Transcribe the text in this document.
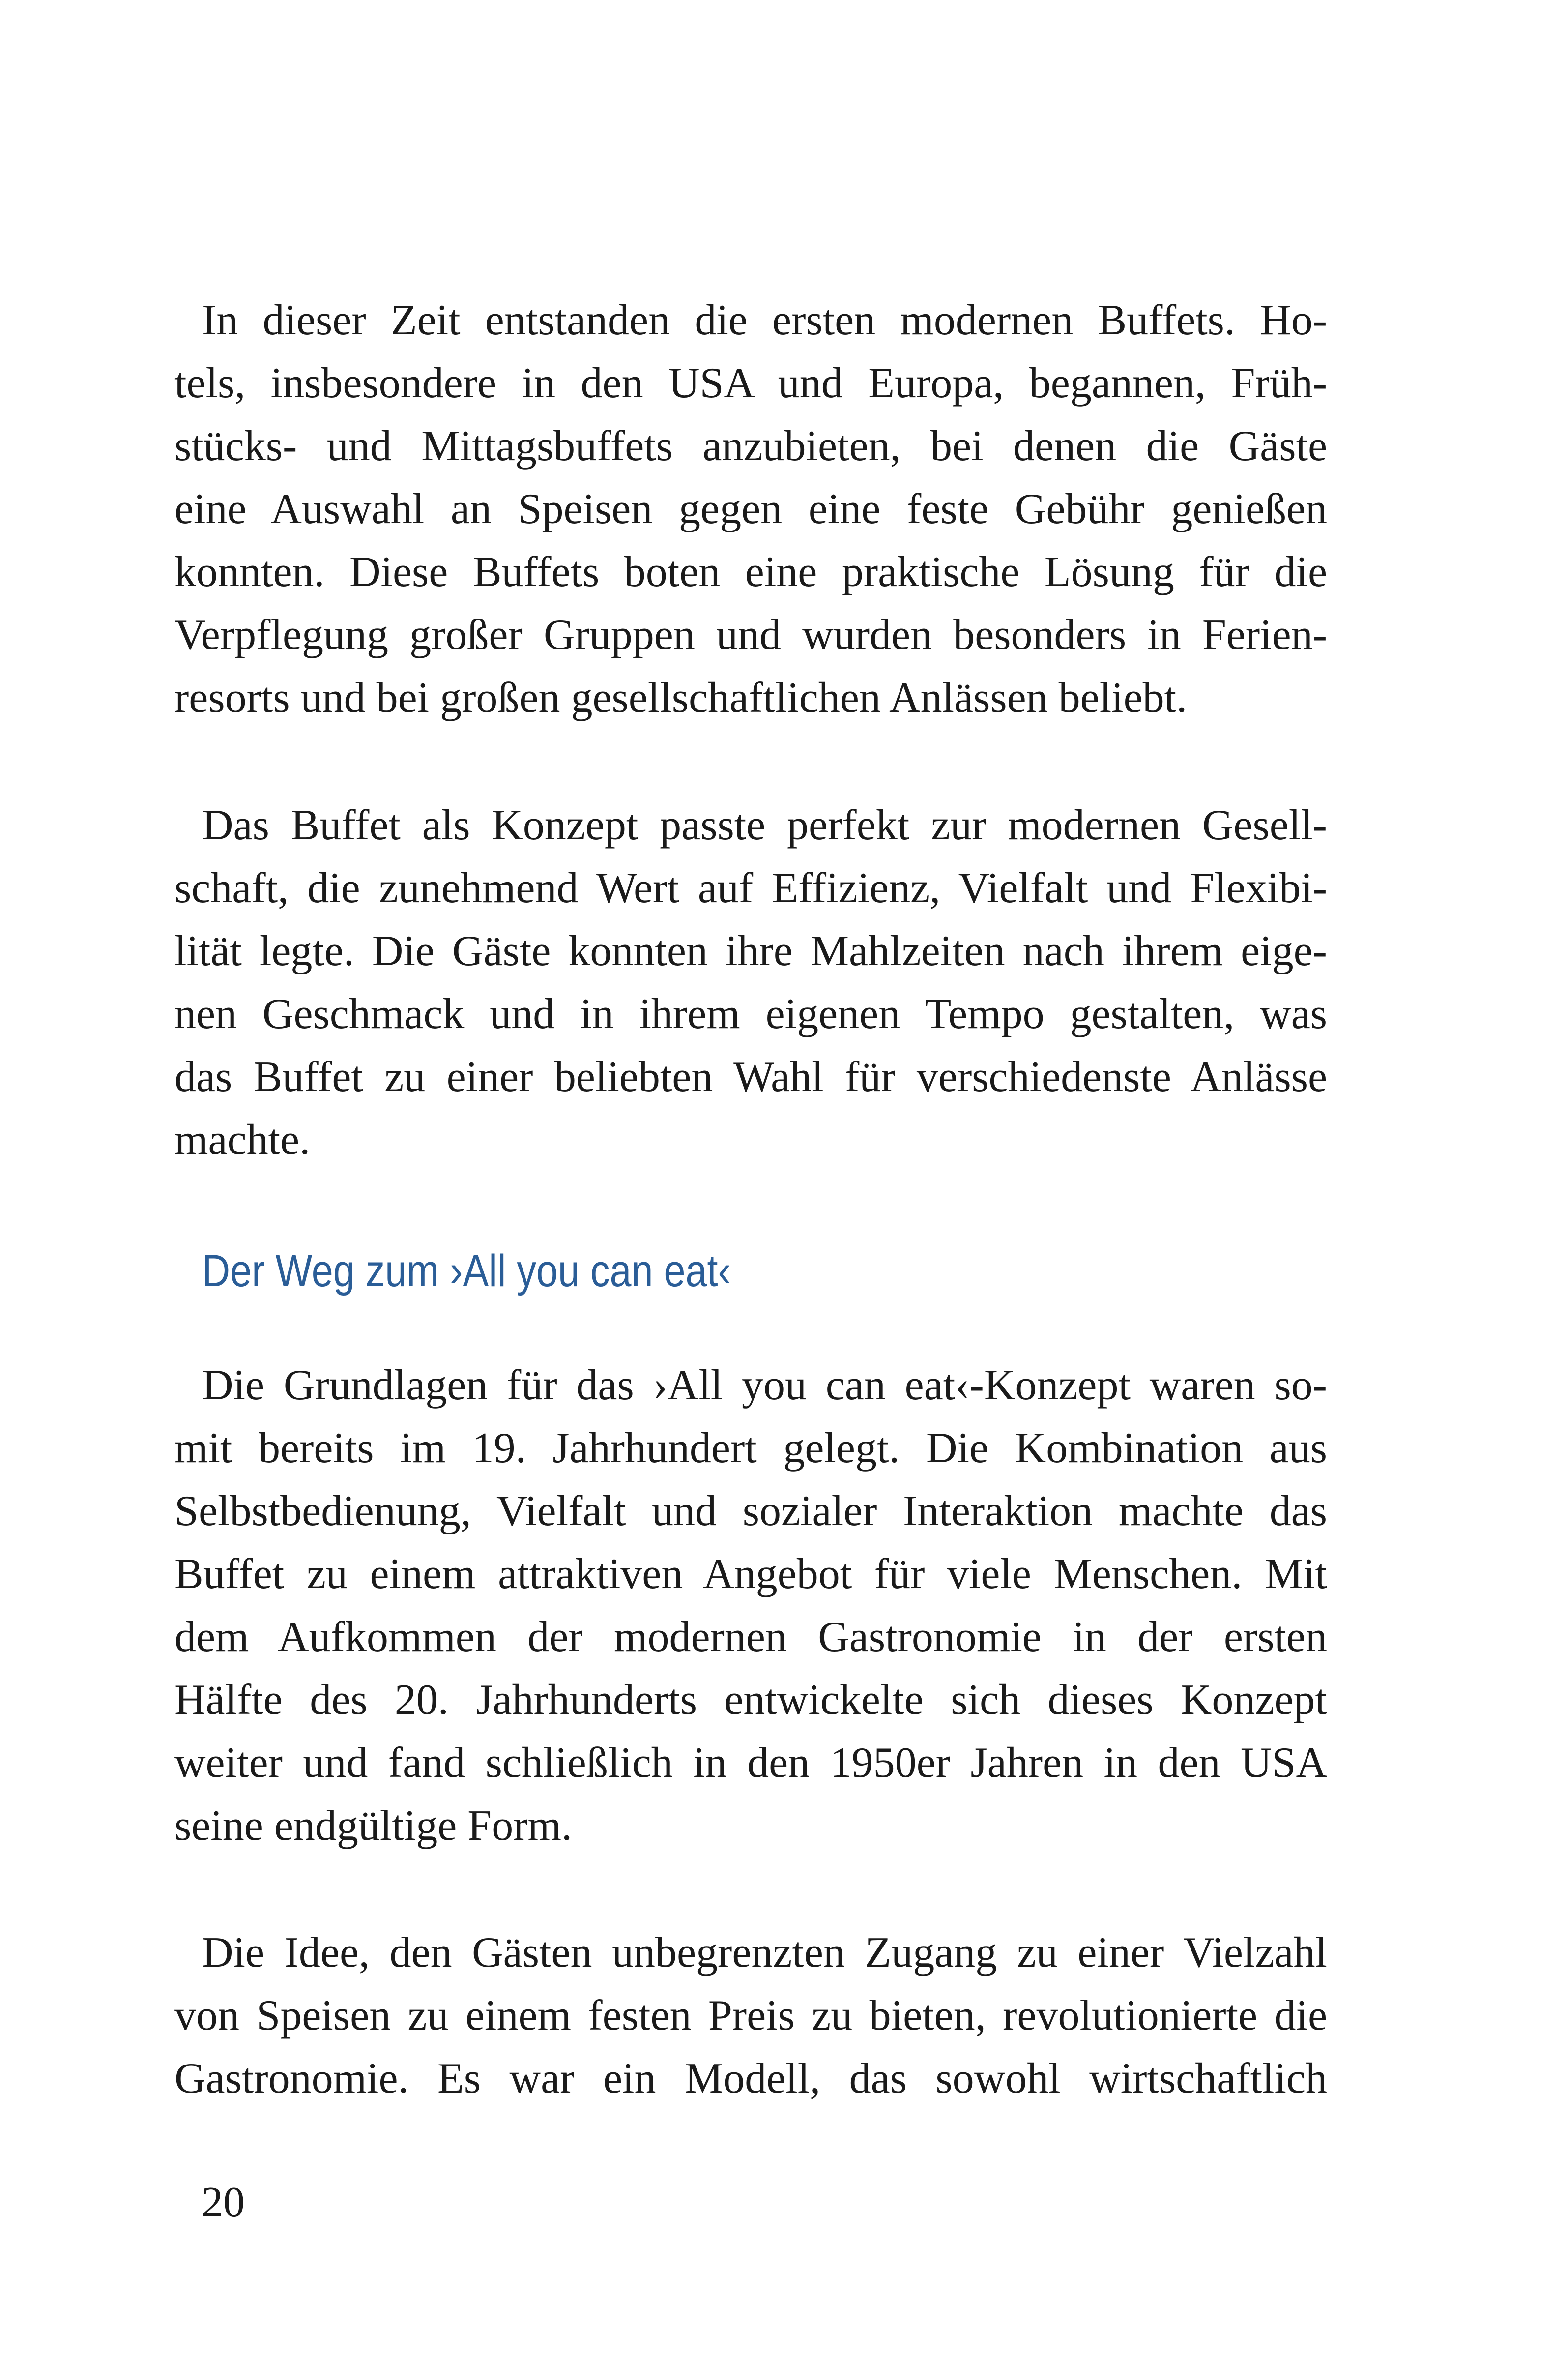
In dieser Zeit entstanden die ersten modernen Buffets. Ho-
tels, insbesondere in den USA und Europa, begannen, Früh-
stücks- und Mittagsbuffets anzubieten, bei denen die Gäste
eine Auswahl an Speisen gegen eine feste Gebühr genießen
konnten. Diese Buffets boten eine praktische Lösung für die
Verpflegung großer Gruppen und wurden besonders in Ferien-
resorts und bei großen gesellschaftlichen Anlässen beliebt.
Das Buffet als Konzept passte perfekt zur modernen Gesell-
schaft, die zunehmend Wert auf Effizienz, Vielfalt und Flexibi-
lität legte. Die Gäste konnten ihre Mahlzeiten nach ihrem eige-
nen Geschmack und in ihrem eigenen Tempo gestalten, was
das Buffet zu einer beliebten Wahl für verschiedenste Anlässe
machte.
Der Weg zum ›All you can eat‹
Die Grundlagen für das ›All you can eat‹-Konzept waren so-
mit bereits im 19. Jahrhundert gelegt. Die Kombination aus
Selbstbedienung, Vielfalt und sozialer Interaktion machte das
Buffet zu einem attraktiven Angebot für viele Menschen. Mit
dem Aufkommen der modernen Gastronomie in der ersten
Hälfte des 20. Jahrhunderts entwickelte sich dieses Konzept
weiter und fand schließlich in den 1950er Jahren in den USA
seine endgültige Form.
Die Idee, den Gästen unbegrenzten Zugang zu einer Vielzahl
von Speisen zu einem festen Preis zu bieten, revolutionierte die
Gastronomie. Es war ein Modell, das sowohl wirtschaftlich
20
